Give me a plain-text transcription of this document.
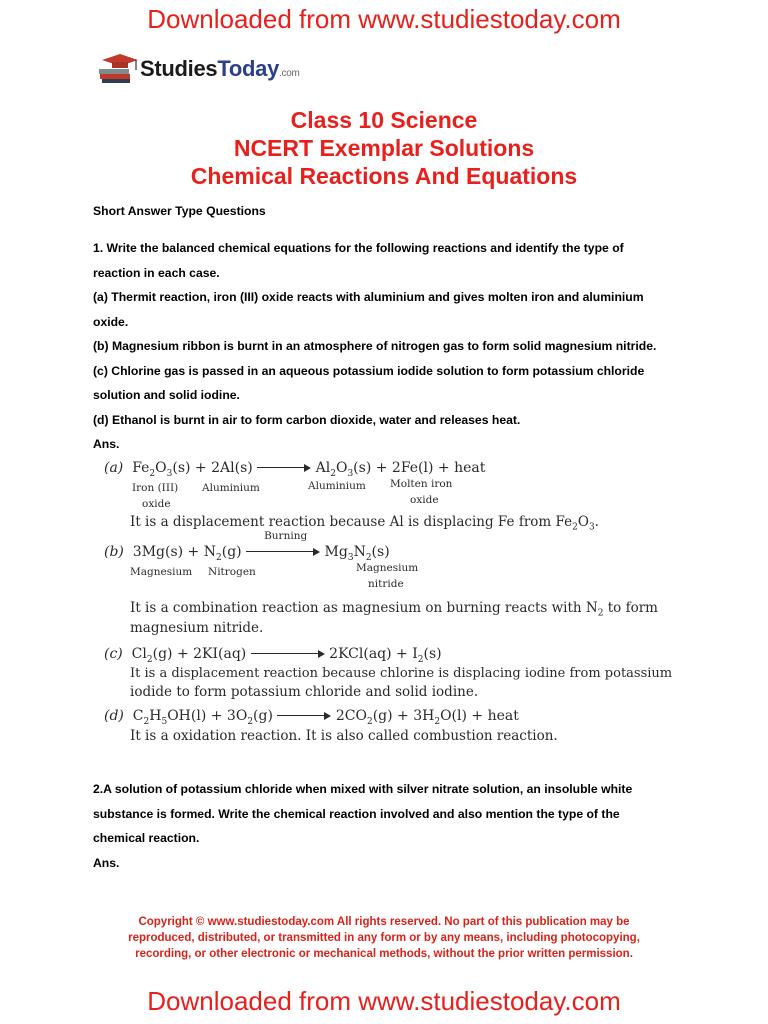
Downloaded from www.studiestoday.com
StudiesToday.com
Class 10 Science
NCERT Exemplar Solutions
Chemical Reactions And Equations
Short Answer Type Questions
1. Write the balanced chemical equations for the following reactions and identify the type of
reaction in each case.
(a) Thermit reaction, iron (III) oxide reacts with aluminium and gives molten iron and aluminium
oxide.
(b) Magnesium ribbon is burnt in an atmosphere of nitrogen gas to form solid magnesium nitride.
(c) Chlorine gas is passed in an aqueous potassium iodide solution to form potassium chloride
solution and solid iodine.
(d) Ethanol is burnt in air to form carbon dioxide, water and releases heat.
Ans.
(a) $Fe_2O_3(s) + 2Al(s)$	$Al_2O_3(s) + 2Fe(l)$ + heat
Iron (III)
oxide
Aluminium	Aluminium Molten iron
oxide
It is a displacement reaction because Al is displacing Fe from $Fe_2O_3$.
(b) $3Mg(s) + N_2(g)$
Burning
$Mg_3N_2(s)$
Magnesium Nitrogen	Magnesium
nitride
It is a combination reaction as magnesium on burning reacts with $N_2$ to form
magnesium nitride.
(c) $Cl_2(g) + 2KI(aq)$	$2KCl(aq) + I_2(s)$
It is a displacement reaction because chlorine is displacing iodine from potassium
iodide to form potassium chloride and solid iodine.
(d) $C_2H_5OH(l) + 3O_2(g)$	$2CO_2(g) + 3H_2O(l)$ + heat
It is a oxidation reaction. It is also called combustion reaction.
2.A solution of potassium chloride when mixed with silver nitrate solution, an insoluble white
substance is formed. Write the chemical reaction involved and also mention the type of the
chemical reaction.
Ans.
Copyright © www.studiestoday.com All rights reserved. No part of this publication may be
reproduced, distributed, or transmitted in any form or by any means, including photocopying,
recording, or other electronic or mechanical methods, without the prior written permission.
Downloaded from www.studiestoday.com
